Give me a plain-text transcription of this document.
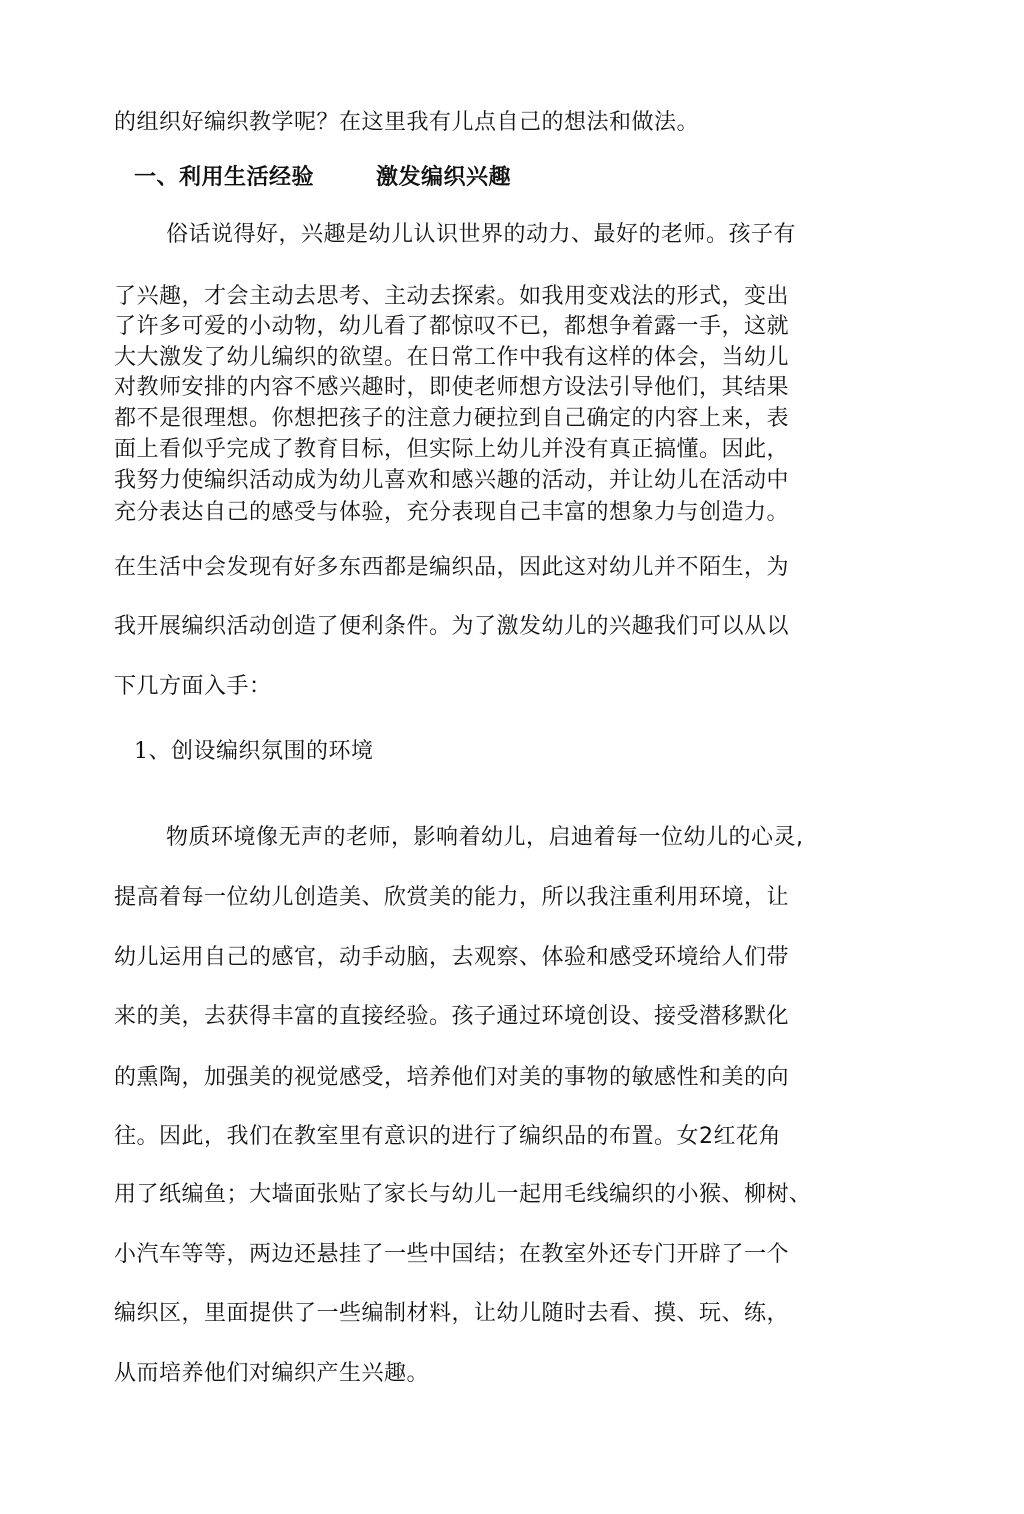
的组织好编织教学呢？在这里我有儿点自己的想法和做法。
一、利用生活经验	激发编织兴趣
俗话说得好，兴趣是幼儿认识世界的动力、最好的老师。孩子有
了兴趣，才会主动去思考、主动去探索。如我用变戏法的形式，变出
了许多可爱的小动物，幼儿看了都惊叹不已，都想争着露一手，这就
大大激发了幼儿编织的欲望。在日常工作中我有这样的体会，当幼儿
对教师安排的内容不感兴趣时，即使老师想方设法引导他们，其结果
都不是很理想。你想把孩子的注意力硬拉到自己确定的内容上来，表
面上看似乎完成了教育目标，但实际上幼儿并没有真正搞懂。因此，
我努力使编织活动成为幼儿喜欢和感兴趣的活动，并让幼儿在活动中
充分表达自己的感受与体验，充分表现自己丰富的想象力与创造力。
在生活中会发现有好多东西都是编织品，因此这对幼儿并不陌生，为
我开展编织活动创造了便利条件。为了激发幼儿的兴趣我们可以从以
下几方面入手：
1、创设编织氛围的环境
物质环境像无声的老师，影响着幼儿，启迪着每一位幼儿的心灵,
提高着每一位幼儿创造美、欣赏美的能力，所以我注重利用环境，让
幼儿运用自己的感官，动手动脑，去观察、体验和感受环境给人们带
来的美，去获得丰富的直接经验。孩子通过环境创设、接受潜移默化
的熏陶，加强美的视觉感受，培养他们对美的事物的敏感性和美的向
往。因此，我们在教室里有意识的进行了编织品的布置。女2红花角
用了纸编鱼；大墙面张贴了家长与幼儿一起用毛线编织的小猴、柳树、
小汽车等等，两边还悬挂了一些中国结；在教室外还专门开辟了一个
编织区，里面提供了一些编制材料，让幼儿随时去看、摸、玩、练，
从而培养他们对编织产生兴趣。
